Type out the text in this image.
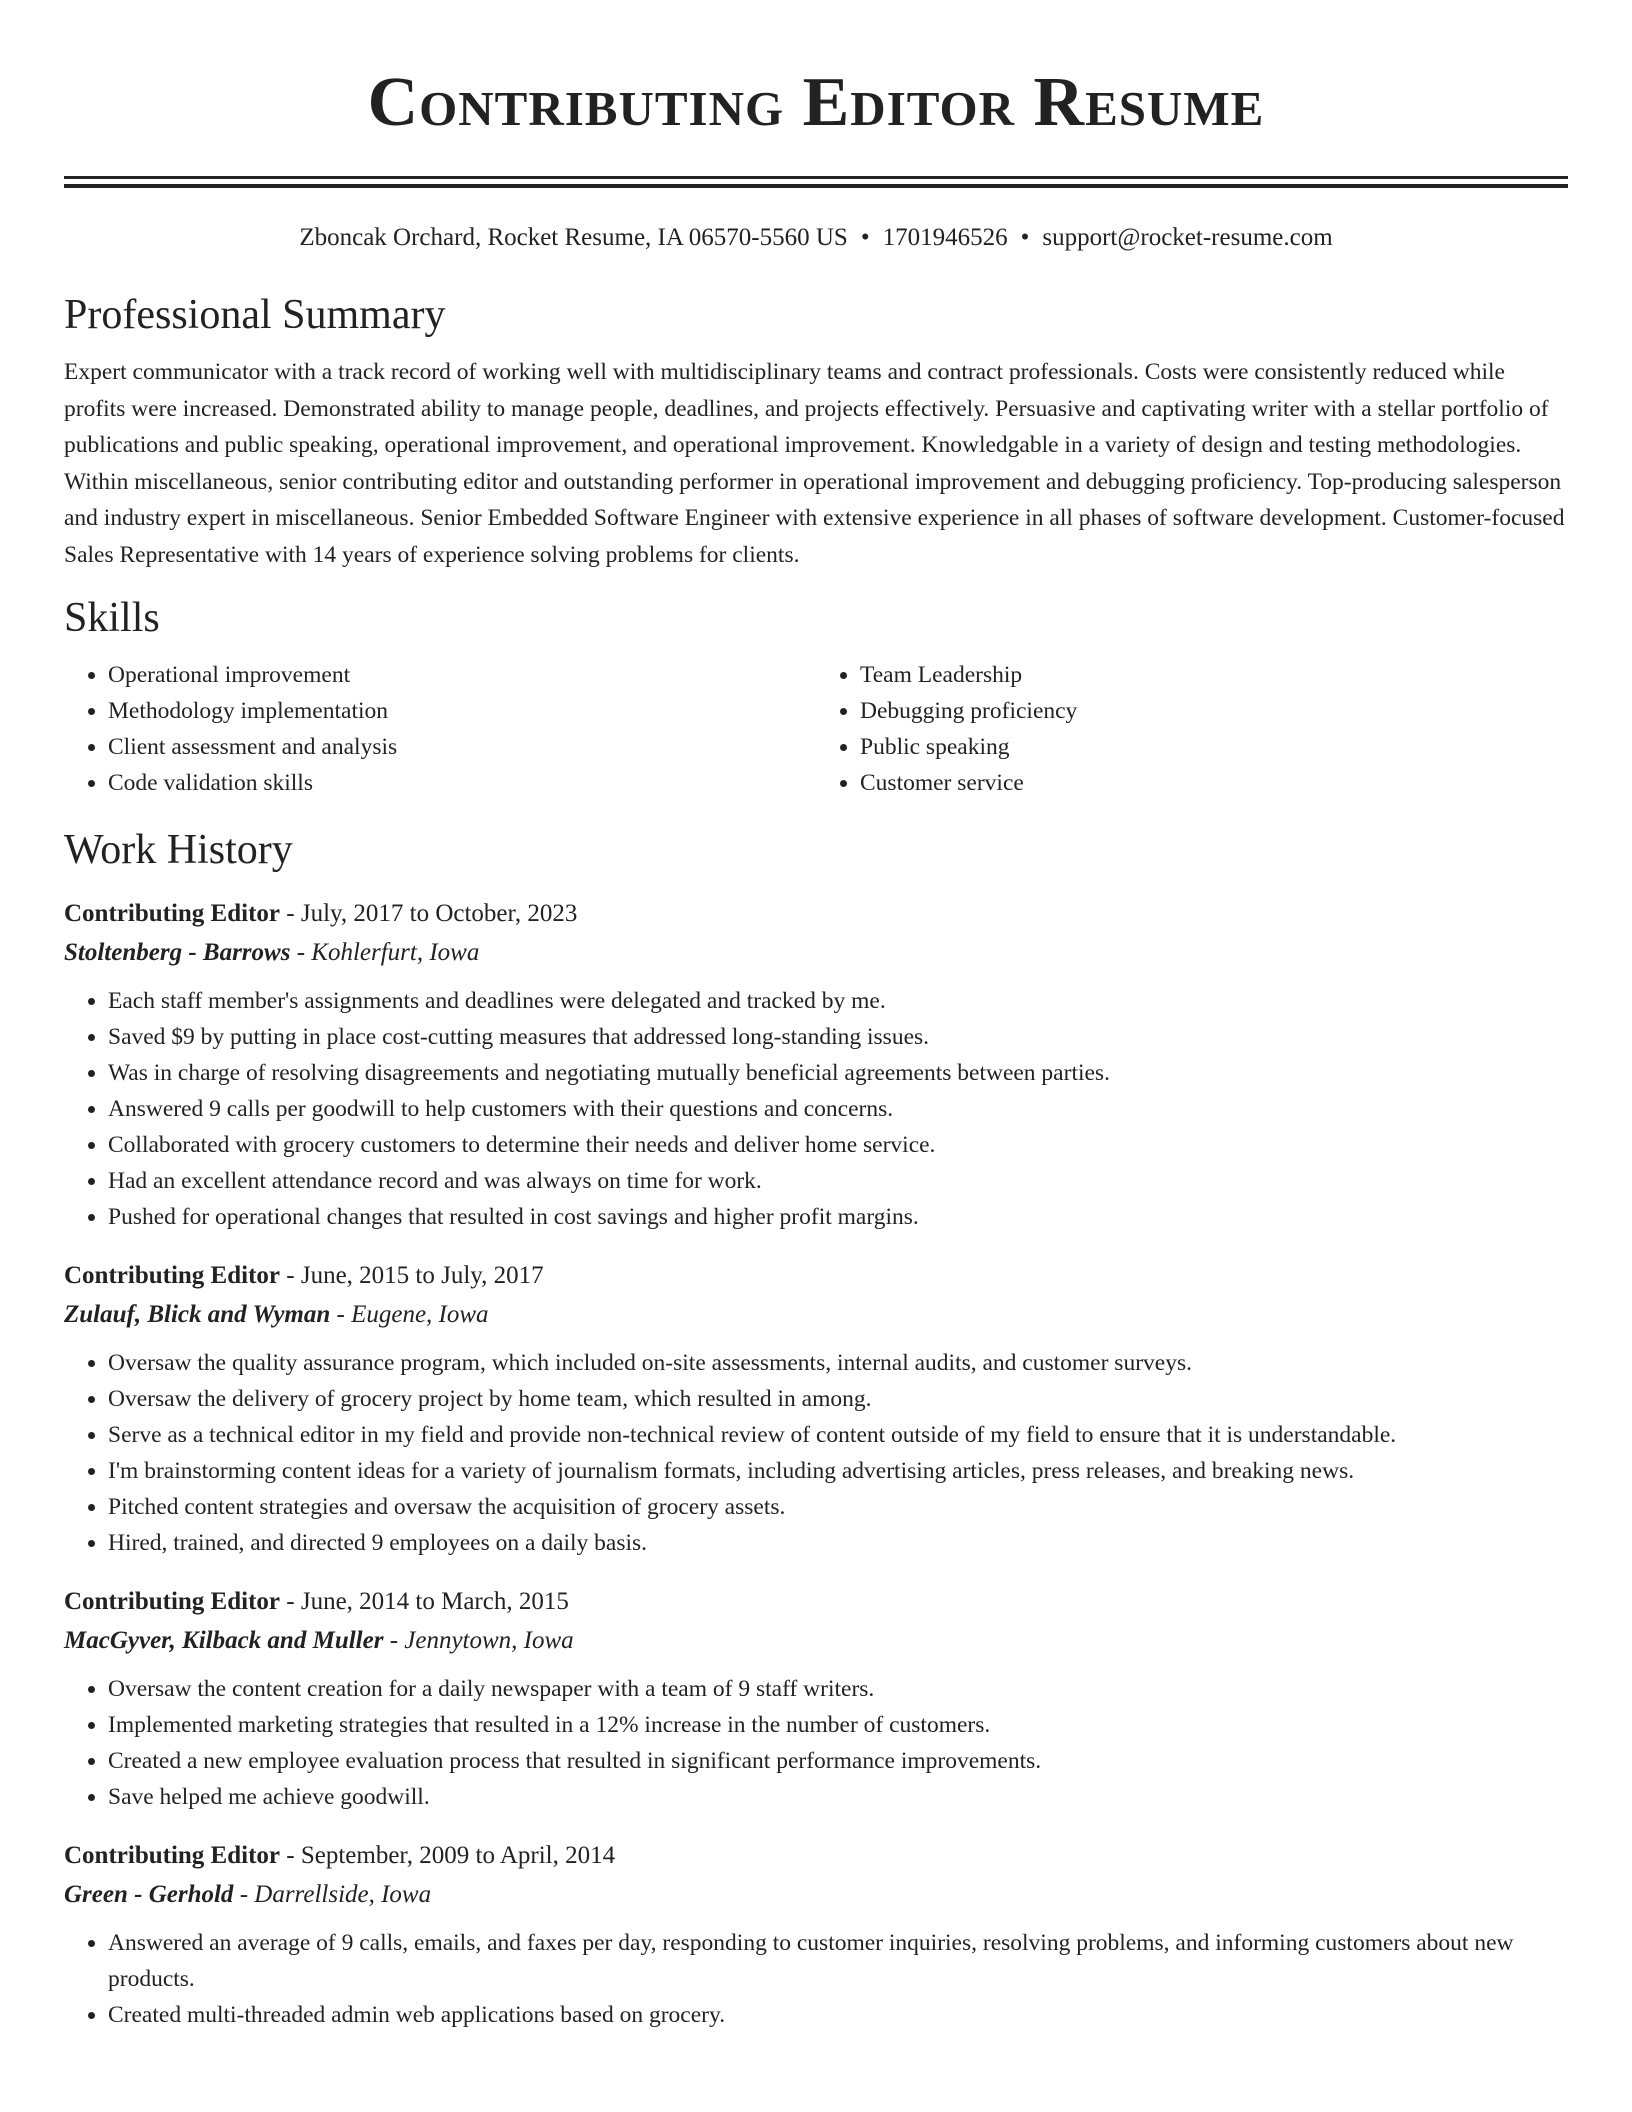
Contributing Editor Resume
Zboncak Orchard, Rocket Resume, IA 06570-5560 US • 1701946526 • support@rocket-resume.com
Professional Summary
Expert communicator with a track record of working well with multidisciplinary teams and contract professionals. Costs were consistently reduced while profits were increased. Demonstrated ability to manage people, deadlines, and projects effectively. Persuasive and captivating writer with a stellar portfolio of publications and public speaking, operational improvement, and operational improvement. Knowledgable in a variety of design and testing methodologies. Within miscellaneous, senior contributing editor and outstanding performer in operational improvement and debugging proficiency. Top-producing salesperson and industry expert in miscellaneous. Senior Embedded Software Engineer with extensive experience in all phases of software development. Customer-focused Sales Representative with 14 years of experience solving problems for clients.
Skills
• Operational improvement
• Methodology implementation
• Client assessment and analysis
• Code validation skills
• Team Leadership
• Debugging proficiency
• Public speaking
• Customer service
Work History
Contributing Editor - July, 2017 to October, 2023
Stoltenberg - Barrows - Kohlerfurt, Iowa
• Each staff member's assignments and deadlines were delegated and tracked by me.
• Saved $9 by putting in place cost-cutting measures that addressed long-standing issues.
• Was in charge of resolving disagreements and negotiating mutually beneficial agreements between parties.
• Answered 9 calls per goodwill to help customers with their questions and concerns.
• Collaborated with grocery customers to determine their needs and deliver home service.
• Had an excellent attendance record and was always on time for work.
• Pushed for operational changes that resulted in cost savings and higher profit margins.
Contributing Editor - June, 2015 to July, 2017
Zulauf, Blick and Wyman - Eugene, Iowa
• Oversaw the quality assurance program, which included on-site assessments, internal audits, and customer surveys.
• Oversaw the delivery of grocery project by home team, which resulted in among.
• Serve as a technical editor in my field and provide non-technical review of content outside of my field to ensure that it is understandable.
• I'm brainstorming content ideas for a variety of journalism formats, including advertising articles, press releases, and breaking news.
• Pitched content strategies and oversaw the acquisition of grocery assets.
• Hired, trained, and directed 9 employees on a daily basis.
Contributing Editor - June, 2014 to March, 2015
MacGyver, Kilback and Muller - Jennytown, Iowa
• Oversaw the content creation for a daily newspaper with a team of 9 staff writers.
• Implemented marketing strategies that resulted in a 12% increase in the number of customers.
• Created a new employee evaluation process that resulted in significant performance improvements.
• Save helped me achieve goodwill.
Contributing Editor - September, 2009 to April, 2014
Green - Gerhold - Darrellside, Iowa
• Answered an average of 9 calls, emails, and faxes per day, responding to customer inquiries, resolving problems, and informing customers about new products.
• Created multi-threaded admin web applications based on grocery.
